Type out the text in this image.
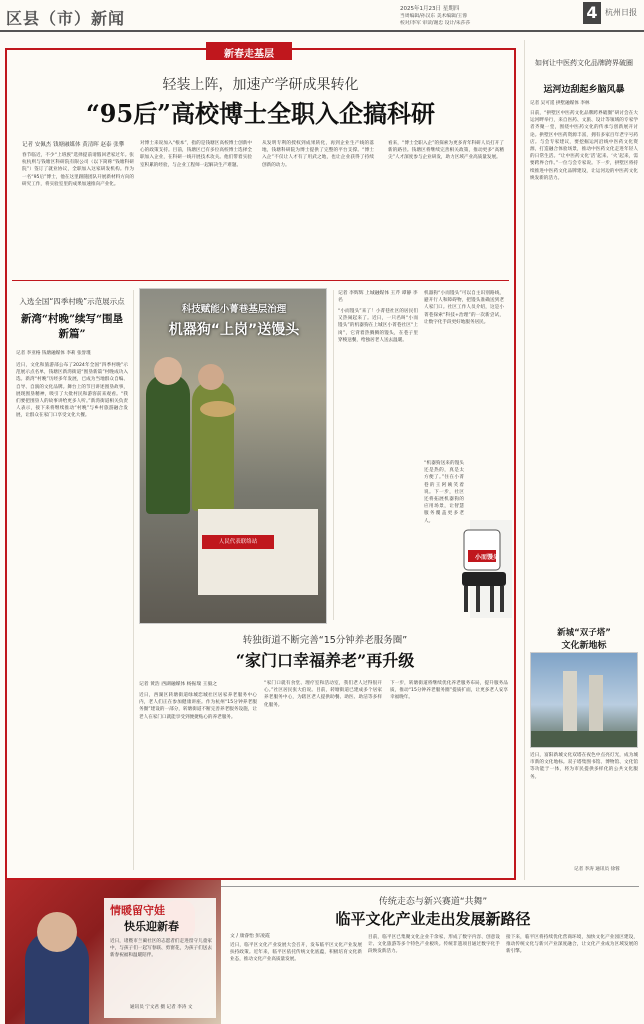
区县（市）新闻	2025年1月23日 星期四
当周编辑/孙汉东 美术编辑/王蓉
校对/李军 审读/谢忠 设计/朱莎莎
4 杭州日报
新春走基层
轻装上阵，加速产学研成果转化
“95后”高校博士全职入企搞科研
记者 安佩杰 钱塘融媒体 黄清晖 赵泰 张攀
春节临近，不少“上班族”选择提前请假回老家过年。张杭杭则与钱塘区科研院有限公司（以下简称“钱塘科研院”）签订了就业协议，全职加入这家研发机构。作为一名“95后”博士，他在这里跟随团队开展新材料方向的研究工作，将实验室里的成果加速推向产业化。
对博士来说加入“根本”，指的是钱塘区高校博士创新中心的政策支持。目前，钱塘区已有多位高校博士选择全职加入企业，在科研一线开展技术攻关。他们带着实验室积累的经验，与企业工程师一起解决生产难题。
从发明专利的授权到成果转化，再到企业生产线的落地，钱塘科研院为博士提供了完整的平台支撑。“博士入企”不仅让人才有了用武之地，也让企业获得了持续创新的动力。
看来，“博士全职入企”的探索为更多青年科研人员打开了新的路径。钱塘区将继续完善相关政策，推动更多“高精尖”人才深度参与企业研发，助力区域产业高质量发展。
入选全国“四季村晚”示范展示点
新湾“村晚”续写“围垦新篇”
记者 李亚格 钱塘融媒体 李莉 张誉瑾
近日，文化和旅游部公布了2024年全国“四季村晚”示范展示点名单，钱塘区新湾街道“围垦新篇”村晚成功入选。新湾“村晚”历经多年发展，已成为当地群众自编、自导、自演的文化品牌。舞台上的节目讲述围垦故事，展现围垦精神，吸引了大批村民和游客前来观看。“我们要把围垦人的故事讲给更多人听。”新湾街道相关负责人表示，接下来将继续推动“村晚”与乡村旅游融合发展，让群众在家门口享受文化大餐。
科技赋能小菁巷基层治理
机器狗“上岗”送馒头
人民代表联络站
记者 李辉辉 上城融媒体 王芹 谭静 李名
“小而馒头”来了！小菁巷社区的居民们又热闹起来了。近日，一只名叫“小而馒头”的机器狗在上城区小菁巷社区“上岗”，它背着热腾腾的馒头，在巷子里穿梭送餐，给独居老人送去温暖。
机器狗“小而馒头”可以自主识别路线，避开行人和障碍物，把馒头准确送到老人家门口。社区工作人员介绍，这是小菁巷探索“科技+治理”的一次新尝试，让数字化手段更好地服务居民。
“机器狗送来的馒头还是热的，真是太方便了。”住在小菁巷的王阿姨笑着说。下一步，社区还将拓展机器狗的应用场景，让智慧服务覆盖更多老人。
小而馒头
转独街道不断完善“15分钟养老服务圈”
“家门口幸福养老”再升级
记者 黄浩 西湖融媒体 杨振瑞 王毅之
近日，西湖区转塘街道绿城恋城社区居家养老服务中心内，老人们正在参加健康讲座。作为杭州“15分钟养老服务圈”建设的一部分，转塘街道不断完善养老服务设施，让老人在家门口就能享受到便捷贴心的养老服务。
“家门口就有食堂、理疗室和活动室，我们老人过得很开心。”社区居民张大伯说。目前，转塘街道已建成多个居家养老服务中心，为辖区老人提供助餐、助医、助洁等多样化服务。
下一步，转塘街道将继续优化养老服务布局，提升服务品质，推动“15分钟养老服务圈”提质扩面，让更多老人安享幸福晚年。
如何让中医药文化品牌跨界破圈
运河边刮起乡脑风暴
记者 吴可遥 拱墅融媒体 李林
日前，“拱墅区中医药文化品牌跨界破圈”研讨会在大运河畔举行，来自医药、文旅、设计等领域的专家学者齐聚一堂，围绕中医药文化的传承与创新展开讨论。拱墅区中医药资源丰富，拥有多家百年老字号药店。与会专家建议，要挖掘运河沿线中医药文化资源，打造融合体验场景，推动中医药文化走进年轻人的日常生活。“让中医药文化‘活’起来、‘火’起来，需要跨界合作。”一位与会专家说。下一步，拱墅区将持续推进中医药文化品牌建设，让运河边的中医药文化焕发新的活力。
新城“双子塔”
文化新地标
近日，富阳新城文化双塔在夜色中点亮灯光，成为城市新的文化地标。双子塔集图书馆、博物馆、文化馆等功能于一体，将为市民提供多样化的公共文化服务。
记者 李涛 通讯员 徐蓉
情暖留守娃
快乐迎新春
近日，诸暨市兰蔺社区的志愿者们走进留守儿童家中，与孩子们一起写春联、剪窗花，为孩子们送去新春祝福和温暖陪伴。
通讯员 宁文君 摄 记者 李涛 文
传统走态与新兴赛道“共舞”
临平文化产业走出发展新路径
文 / 康睿怡 彭凌霞
近日，临平区文化产业发展大会召开，发布临平区文化产业发展扶持政策。近年来，临平区依托传统文化底蕴，积极培育文化新业态，推动文化产业高质量发展。
目前，临平区已集聚文化企业千余家，形成了数字内容、创意设计、文化旅游等多个特色产业板块。传统非遗项目通过数字化手段焕发新活力。
接下来，临平区将持续优化营商环境，加快文化产业园区建设，推动传统文化与新兴产业深度融合，让文化产业成为区域发展的新引擎。
